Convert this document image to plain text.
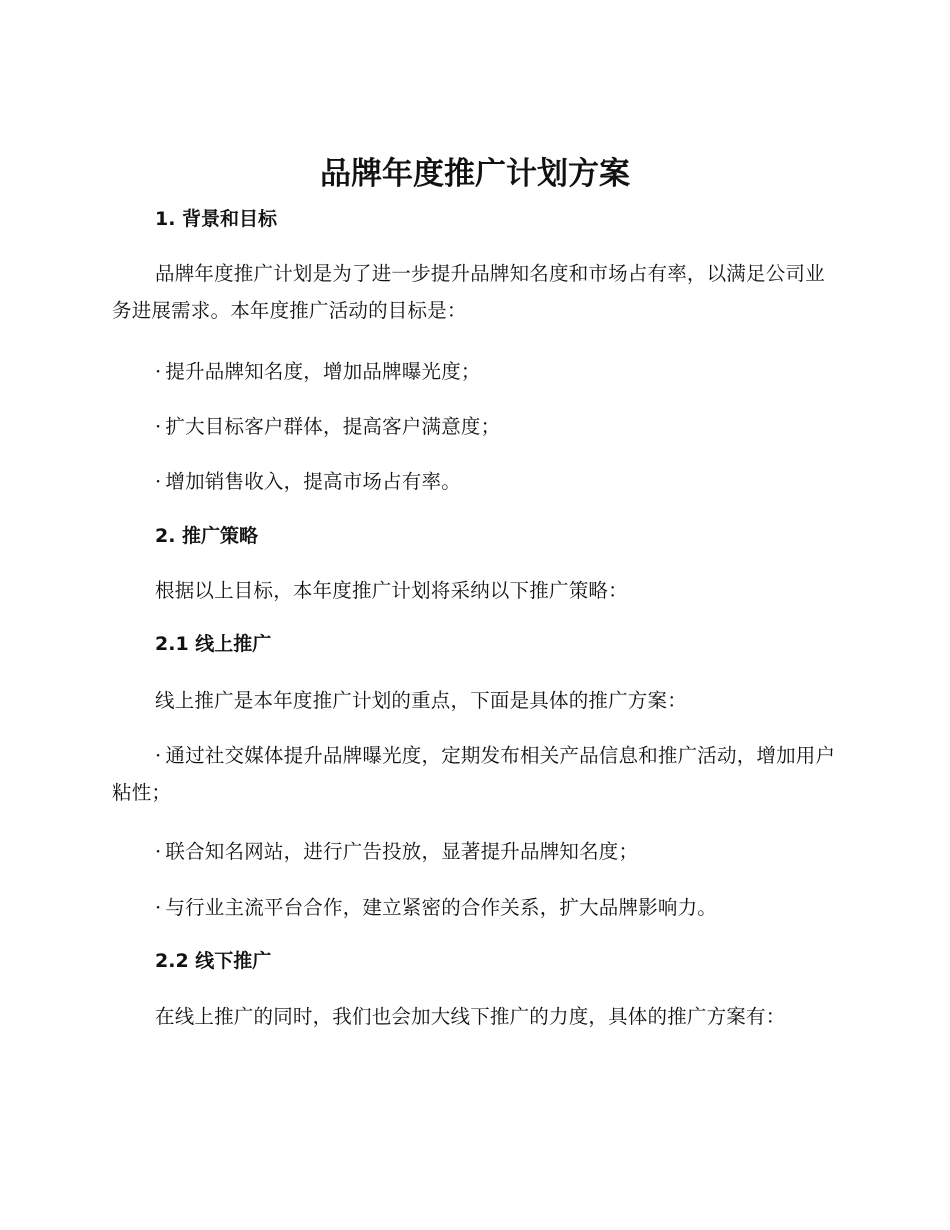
品牌年度推广计划方案
1. 背景和目标

品牌年度推广计划是为了进一步提升品牌知名度和市场占有率，以满足公司业务进展需求。本年度推广活动的目标是：

· 提升品牌知名度，增加品牌曝光度；

· 扩大目标客户群体，提高客户满意度；

· 增加销售收入，提高市场占有率。

2. 推广策略

根据以上目标，本年度推广计划将采纳以下推广策略：

2.1 线上推广

线上推广是本年度推广计划的重点，下面是具体的推广方案：

· 通过社交媒体提升品牌曝光度，定期发布相关产品信息和推广活动，增加用户粘性；

· 联合知名网站，进行广告投放，显著提升品牌知名度；

· 与行业主流平台合作，建立紧密的合作关系，扩大品牌影响力。

2.2 线下推广

在线上推广的同时，我们也会加大线下推广的力度，具体的推广方案有：
